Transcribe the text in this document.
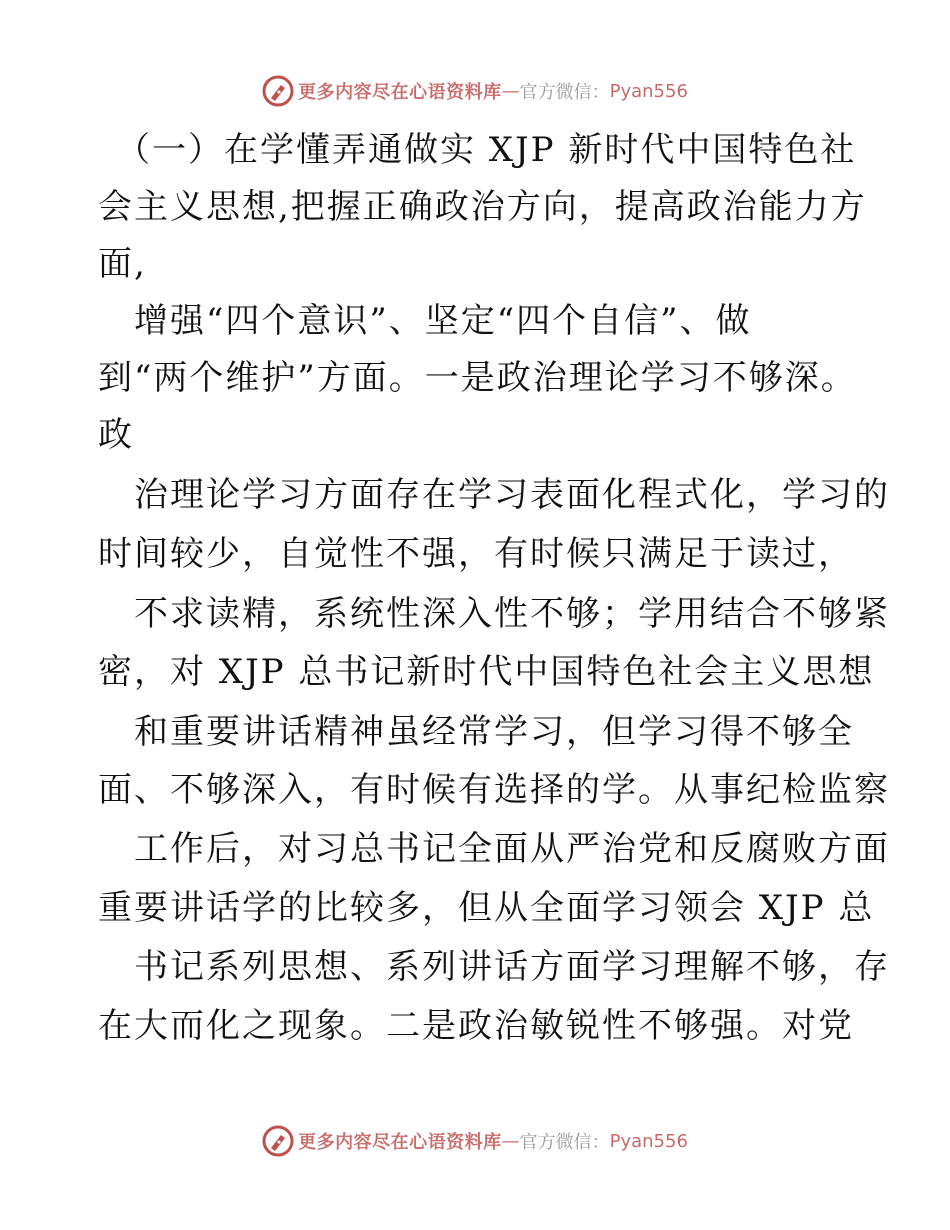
更多内容尽在心语资料库 — 官方微信： Pyan556
（一）在学懂弄通做实 XJP 新时代中国特色社
会主义思想,把握正确政治方向，提高政治能力方
面,
增强“四个意识”、坚定“四个自信”、做
到“两个维护”方面。一是政治理论学习不够深。
政
治理论学习方面存在学习表面化程式化，学习的
时间较少，自觉性不强，有时候只满足于读过，
不求读精，系统性深入性不够；学用结合不够紧
密，对 XJP 总书记新时代中国特色社会主义思想
和重要讲话精神虽经常学习，但学习得不够全
面、不够深入，有时候有选择的学。从事纪检监察
工作后，对习总书记全面从严治党和反腐败方面
重要讲话学的比较多，但从全面学习领会 XJP 总
书记系列思想、系列讲话方面学习理解不够，存
在大而化之现象。二是政治敏锐性不够强。对党
更多内容尽在心语资料库 — 官方微信： Pyan556
